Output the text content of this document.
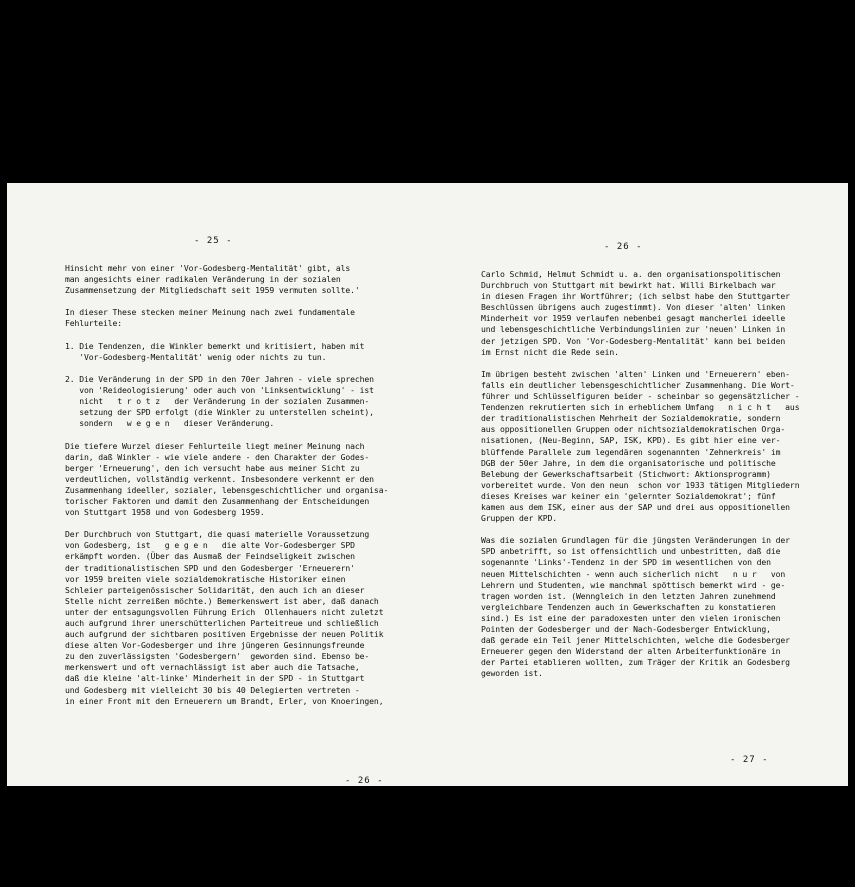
- 25 -
Hinsicht mehr von einer 'Vor-Godesberg-Mentalität' gibt, als
man angesichts einer radikalen Veränderung in der sozialen
Zusammensetzung der Mitgliedschaft seit 1959 vermuten sollte.'
In dieser These stecken meiner Meinung nach zwei fundamentale
Fehlurteile:
1. Die Tendenzen, die Winkler bemerkt und kritisiert, haben mit
'Vor-Godesberg-Mentalität' wenig oder nichts zu tun.
2. Die Veränderung in der SPD in den 70er Jahren - viele sprechen
von 'Reideologisierung' oder auch von 'Linksentwicklung' - ist
nicht   t r o t z   der Veränderung in der sozialen Zusammen-
setzung der SPD erfolgt (die Winkler zu unterstellen scheint),
sondern   w e g e n   dieser Veränderung.
Die tiefere Wurzel dieser Fehlurteile liegt meiner Meinung nach
darin, daß Winkler - wie viele andere - den Charakter der Godes-
berger 'Erneuerung', den ich versucht habe aus meiner Sicht zu
verdeutlichen, vollständig verkennt. Insbesondere verkennt er den
Zusammenhang ideeller, sozialer, lebensgeschichtlicher und organisa-
torischer Faktoren und damit den Zusammenhang der Entscheidungen
von Stuttgart 1958 und von Godesberg 1959.
Der Durchbruch von Stuttgart, die quasi materielle Voraussetzung
von Godesberg, ist   g e g e n   die alte Vor-Godesberger SPD
erkämpft worden. (Über das Ausmaß der Feindseligkeit zwischen
der traditionalistischen SPD und den Godesberger 'Erneuerern'
vor 1959 breiten viele sozialdemokratische Historiker einen
Schleier parteigenössischer Solidarität, den auch ich an dieser
Stelle nicht zerreißen möchte.) Bemerkenswert ist aber, daß danach
unter der entsagungsvollen Führung Erich  Ollenhauers nicht zuletzt
auch aufgrund ihrer unerschütterlichen Parteitreue und schließlich
auch aufgrund der sichtbaren positiven Ergebnisse der neuen Politik
diese alten Vor-Godesberger und ihre jüngeren Gesinnungsfreunde
zu den zuverlässigsten 'Godesbergern'  geworden sind. Ebenso be-
merkenswert und oft vernachlässigt ist aber auch die Tatsache,
daß die kleine 'alt-linke' Minderheit in der SPD - in Stuttgart
und Godesberg mit vielleicht 30 bis 40 Delegierten vertreten -
in einer Front mit den Erneuerern um Brandt, Erler, von Knoeringen,
- 26 -
- 26 -
Carlo Schmid, Helmut Schmidt u. a. den organisationspolitischen
Durchbruch von Stuttgart mit bewirkt hat. Willi Birkelbach war
in diesen Fragen ihr Wortführer; (ich selbst habe den Stuttgarter
Beschlüssen übrigens auch zugestimmt). Von dieser 'alten' linken
Minderheit vor 1959 verlaufen nebenbei gesagt mancherlei ideelle
und lebensgeschichtliche Verbindungslinien zur 'neuen' Linken in
der jetzigen SPD. Von 'Vor-Godesberg-Mentalität' kann bei beiden
im Ernst nicht die Rede sein.
Im übrigen besteht zwischen 'alten' Linken und 'Erneuerern' eben-
falls ein deutlicher lebensgeschichtlicher Zusammenhang. Die Wort-
führer und Schlüsselfiguren beider - scheinbar so gegensätzlicher -
Tendenzen rekrutierten sich in erheblichem Umfang   n i c h t   aus
der traditionalistischen Mehrheit der Sozialdemokratie, sondern
aus oppositionellen Gruppen oder nichtsozialdemokratischen Orga-
nisationen, (Neu-Beginn, SAP, ISK, KPD). Es gibt hier eine ver-
blüffende Parallele zum legendären sogenannten 'Zehnerkreis' im
DGB der 50er Jahre, in dem die organisatorische und politische
Belebung der Gewerkschaftsarbeit (Stichwort: Aktionsprogramm)
vorbereitet wurde. Von den neun  schon vor 1933 tätigen Mitgliedern
dieses Kreises war keiner ein 'gelernter Sozialdemokrat'; fünf
kamen aus dem ISK, einer aus der SAP und drei aus oppositionellen
Gruppen der KPD.
Was die sozialen Grundlagen für die jüngsten Veränderungen in der
SPD anbetrifft, so ist offensichtlich und unbestritten, daß die
sogenannte 'Links'-Tendenz in der SPD im wesentlichen von den
neuen Mittelschichten - wenn auch sicherlich nicht   n u r   von
Lehrern und Studenten, wie manchmal spöttisch bemerkt wird - ge-
tragen worden ist. (Wenngleich in den letzten Jahren zunehmend
vergleichbare Tendenzen auch in Gewerkschaften zu konstatieren
sind.) Es ist eine der paradoxesten unter den vielen ironischen
Pointen der Godesberger und der Nach-Godesberger Entwicklung,
daß gerade ein Teil jener Mittelschichten, welche die Godesberger
Erneuerer gegen den Widerstand der alten Arbeiterfunktionäre in
der Partei etablieren wollten, zum Träger der Kritik an Godesberg
geworden ist.
- 27 -
